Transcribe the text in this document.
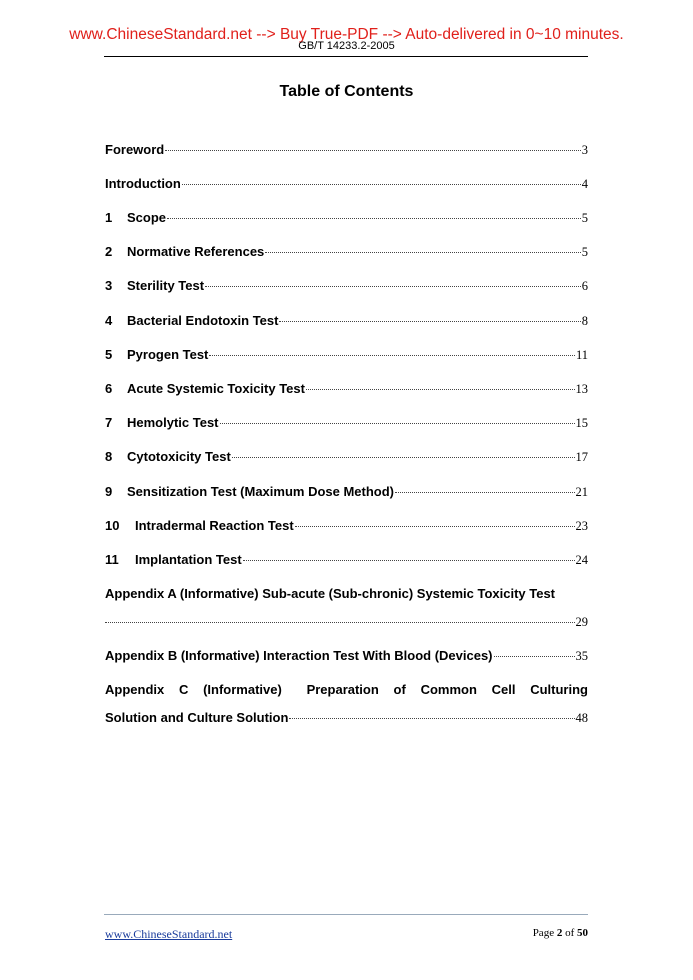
www.ChineseStandard.net --> Buy True-PDF --> Auto-delivered in 0~10 minutes.
GB/T 14233.2-2005
Table of Contents
Foreword	3
Introduction	4
1	Scope	5
2	Normative References	5
3	Sterility Test	6
4	Bacterial Endotoxin Test	8
5	Pyrogen Test	11
6	Acute Systemic Toxicity Test	13
7	Hemolytic Test	15
8	Cytotoxicity Test	17
9	Sensitization Test (Maximum Dose Method)	21
10	Intradermal Reaction Test	23
11	Implantation Test	24
Appendix A (Informative) Sub-acute (Sub-chronic) Systemic Toxicity Test
29
Appendix B (Informative) Interaction Test With Blood (Devices)	35
Appendix C (Informative) Preparation of Common Cell Culturing
Solution and Culture Solution	48
www.ChineseStandard.net	Page 2 of 50
